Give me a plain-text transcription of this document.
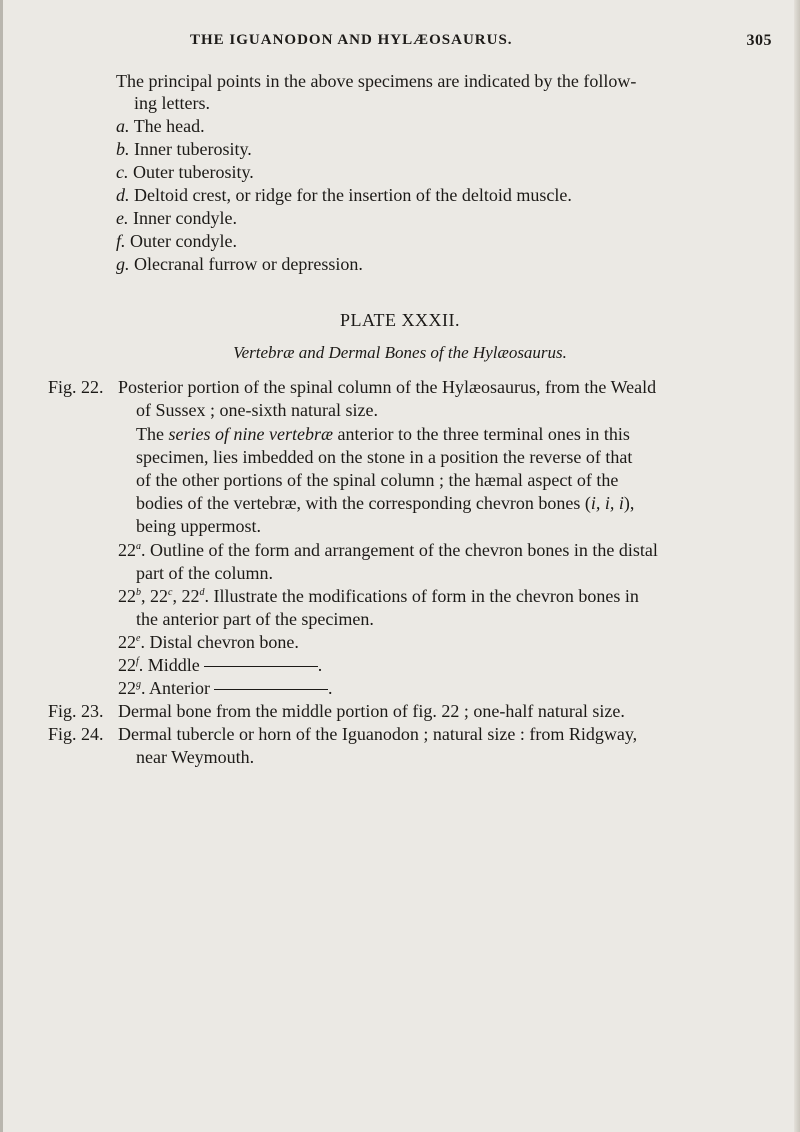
THE IGUANODON AND HYLÆOSAURUS.	305
The principal points in the above specimens are indicated by the follow-
ing letters.
a. The head.
b. Inner tuberosity.
c. Outer tuberosity.
d. Deltoid crest, or ridge for the insertion of the deltoid muscle.
e. Inner condyle.
f. Outer condyle.
g. Olecranal furrow or depression.
PLATE XXXII.
Vertebræ and Dermal Bones of the Hylæosaurus.
Fig. 22. Posterior portion of the spinal column of the Hylæosaurus, from the Weald
of Sussex ; one-sixth natural size.
The series of nine vertebræ anterior to the three terminal ones in this
specimen, lies imbedded on the stone in a position the reverse of that
of the other portions of the spinal column ; the hæmal aspect of the
bodies of the vertebræ, with the corresponding chevron bones (i, i, i),
being uppermost.
22$^a$. Outline of the form and arrangement of the chevron bones in the distal
part of the column.
22$^b$, 22$^c$, 22$^d$. Illustrate the modifications of form in the chevron bones in
the anterior part of the specimen.
22e. Distal chevron bone.
22$^f$. Middle	.
22$^g$. Anterior	.
Fig. 23. Dermal bone from the middle portion of fig. 22 ; one-half natural size.
Fig. 24. Dermal tubercle or horn of the Iguanodon ; natural size : from Ridgway,
near Weymouth.
